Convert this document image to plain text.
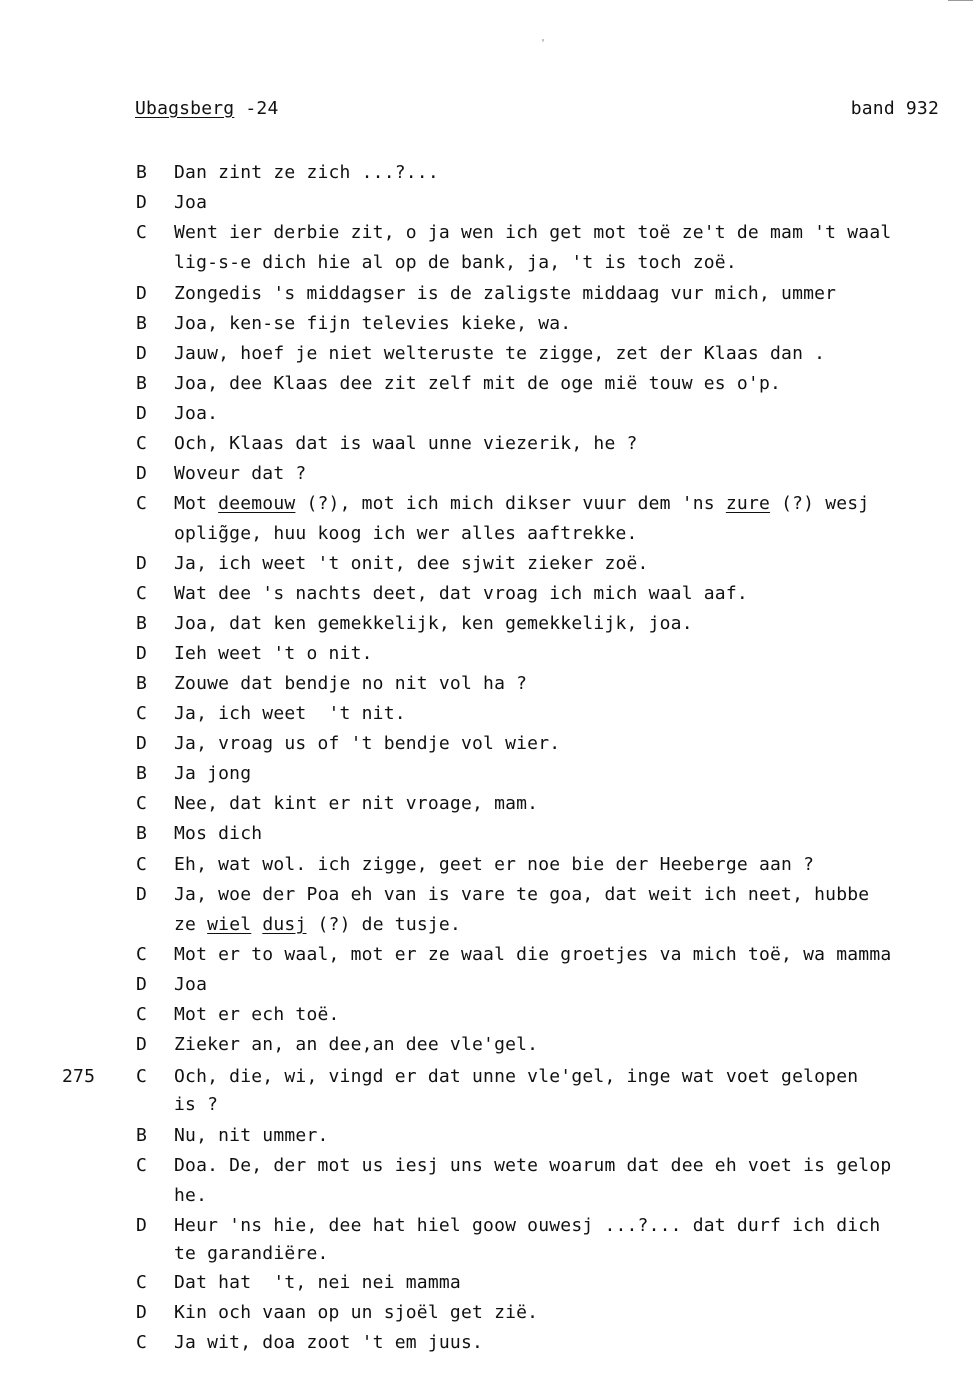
Ubagsberg -24	band 932
B Dan zint ze zich ...?...
D Joa
C Went ier derbie zit, o ja wen ich get mot toë ze't de mam 't waal
lig-s-e dich hie al op de bank, ja, 't is toch zoë.
D Zongedis 's middagser is de zaligste middaag vur mich, ummer
B Joa, ken-se fijn televies kieke, wa.
D Jauw, hoef je niet welteruste te zigge, zet der Klaas dan .
B Joa, dee Klaas dee zit zelf mit de oge mië touw es o'p.
D Joa.
C Och, Klaas dat is waal unne viezerik, he ?
D Woveur dat ?
C Mot deemouw (?), mot ich mich dikser vuur dem 'ns zure (?) wesj
oplig̃ge, huu koog ich wer alles aaftrekke.
D Ja, ich weet 't onit, dee sjwit zieker zoë.
C Wat dee 's nachts deet, dat vroag ich mich waal aaf.
B Joa, dat ken gemekkelijk, ken gemekkelijk, joa.
D Ieh weet 't o nit.
B Zouwe dat bendje no nit vol ha ?
C Ja, ich weet  't nit.
D Ja, vroag us of 't bendje vol wier.
B Ja jong
C Nee, dat kint er nit vroage, mam.
B Mos dich
C Eh, wat wol. ich zigge, geet er noe bie der Heeberge aan ?
D Ja, woe der Poa eh van is vare te goa, dat weit ich neet, hubbe
ze wiel dusj (?) de tusje.
C Mot er to waal, mot er ze waal die groetjes va mich toë, wa mamma
D Joa
C Mot er ech toë.
D Zieker an, an dee,an dee vle'gel.
275 C Och, die, wi, vingd er dat unne vle'gel, inge wat voet gelopen
is ?
B Nu, nit ummer.
C Doa. De, der mot us iesj uns wete woarum dat dee eh voet is gelop
he.
D Heur 'ns hie, dee hat hiel goow ouwesj ...?... dat durf ich dich
te garandiëre.
C Dat hat  't, nei nei mamma
D Kin och vaan op un sjoël get zië.
C Ja wit, doa zoot 't em juus.
'
